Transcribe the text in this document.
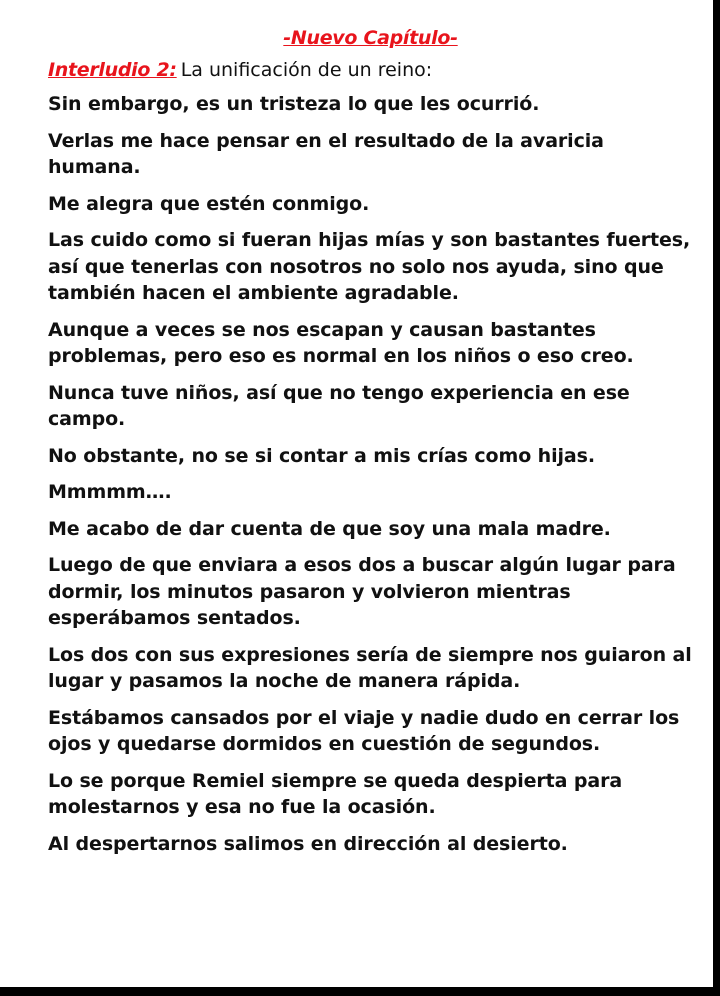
-Nuevo Capítulo-
Interludio 2: La unificación de un reino:

Sin embargo, es un tristeza lo que les ocurrió.

Verlas me hace pensar en el resultado de la avaricia humana.

Me alegra que estén conmigo.

Las cuido como si fueran hijas mías y son bastantes fuertes, así que tenerlas con nosotros no solo nos ayuda, sino que también hacen el ambiente agradable.

Aunque a veces se nos escapan y causan bastantes problemas, pero eso es normal en los niños o eso creo.

Nunca tuve niños, así que no tengo experiencia en ese campo.

No obstante, no se si contar a mis crías como hijas.

Mmmmm….

Me acabo de dar cuenta de que soy una mala madre.

Luego de que enviara a esos dos a buscar algún lugar para dormir, los minutos pasaron y volvieron mientras esperábamos sentados.

Los dos con sus expresiones sería de siempre nos guiaron al lugar y pasamos la noche de manera rápida.

Estábamos cansados por el viaje y nadie dudo en cerrar los ojos y quedarse dormidos en cuestión de segundos.

Lo se porque Remiel siempre se queda despierta para molestarnos y esa no fue la ocasión.

Al despertarnos salimos en dirección al desierto.
